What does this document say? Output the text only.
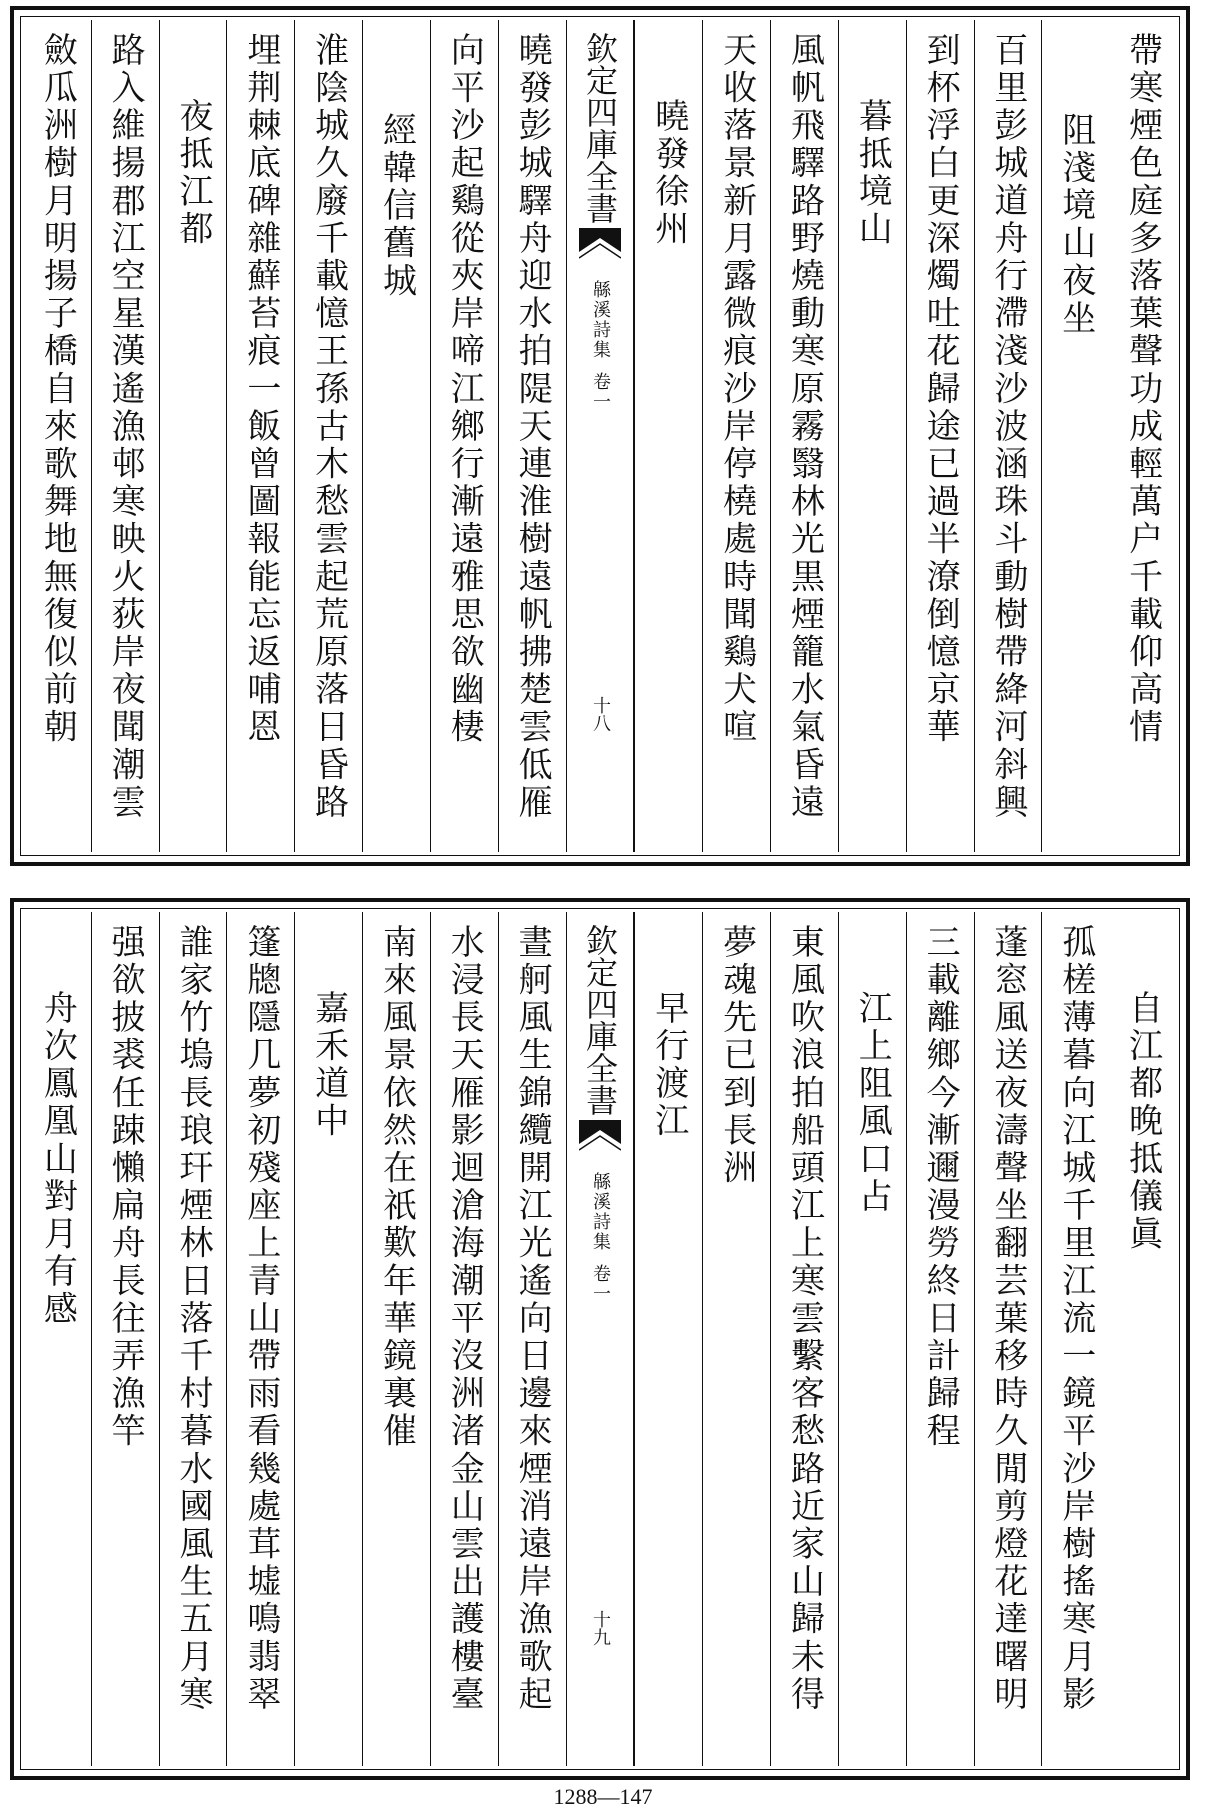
帶寒煙色庭多落葉聲功成輕萬户千載仰高情
阻淺境山夜坐
百里彭城道舟行滯淺沙波涵珠斗動樹帶絳河斜興
到杯浮白更深燭吐花歸途已過半潦倒憶京華
暮抵境山
風帆飛驛路野燒動寒原霧翳林光黒煙籠水氣昏遠
天收落景新月露微痕沙岸停橈處時聞鷄犬喧
曉發徐州
欽定四庫全書
緜溪詩集
卷一
十八
曉發彭城驛舟迎水拍隄天連淮樹遠帆拂楚雲低雁
向平沙起鷄從夾岸啼江鄉行漸遠雅思欲幽棲
經韓信舊城
淮陰城久廢千載憶王孫古木愁雲起荒原落日昏路
埋荆棘底碑雜蘚苔痕一飯曾圖報能忘返哺恩
夜抵江都
路入維揚郡江空星漢遙漁邨寒映火荻岸夜聞潮雲
斂瓜洲樹月明揚子橋自來歌舞地無復似前朝
自江都晚抵儀眞
孤槎薄暮向江城千里江流一鏡平沙岸樹搖寒月影
蓬窓風送夜濤聲坐翻芸葉移時久閒剪燈花達曙明
三載離鄉今漸邇漫勞終日計歸程
江上阻風口占
東風吹浪拍船頭江上寒雲繫客愁路近家山歸未得
夢魂先已到長洲
早行渡江
欽定四庫全書
緜溪詩集
卷一
十九
晝舸風生錦纜開江光遙向日邊來煙消遠岸漁歌起
水浸長天雁影迴滄海潮平沒洲渚金山雲出護樓臺
南來風景依然在祇歎年華鏡裏催
嘉禾道中
篷牕隱几夢初殘座上青山帶雨看幾處茸墟鳴翡翠
誰家竹塢長琅玕煙林日落千村暮水國風生五月寒
强欲披裘任踈懶扁舟長往弄漁竿
舟次鳳凰山對月有感
1288—147
